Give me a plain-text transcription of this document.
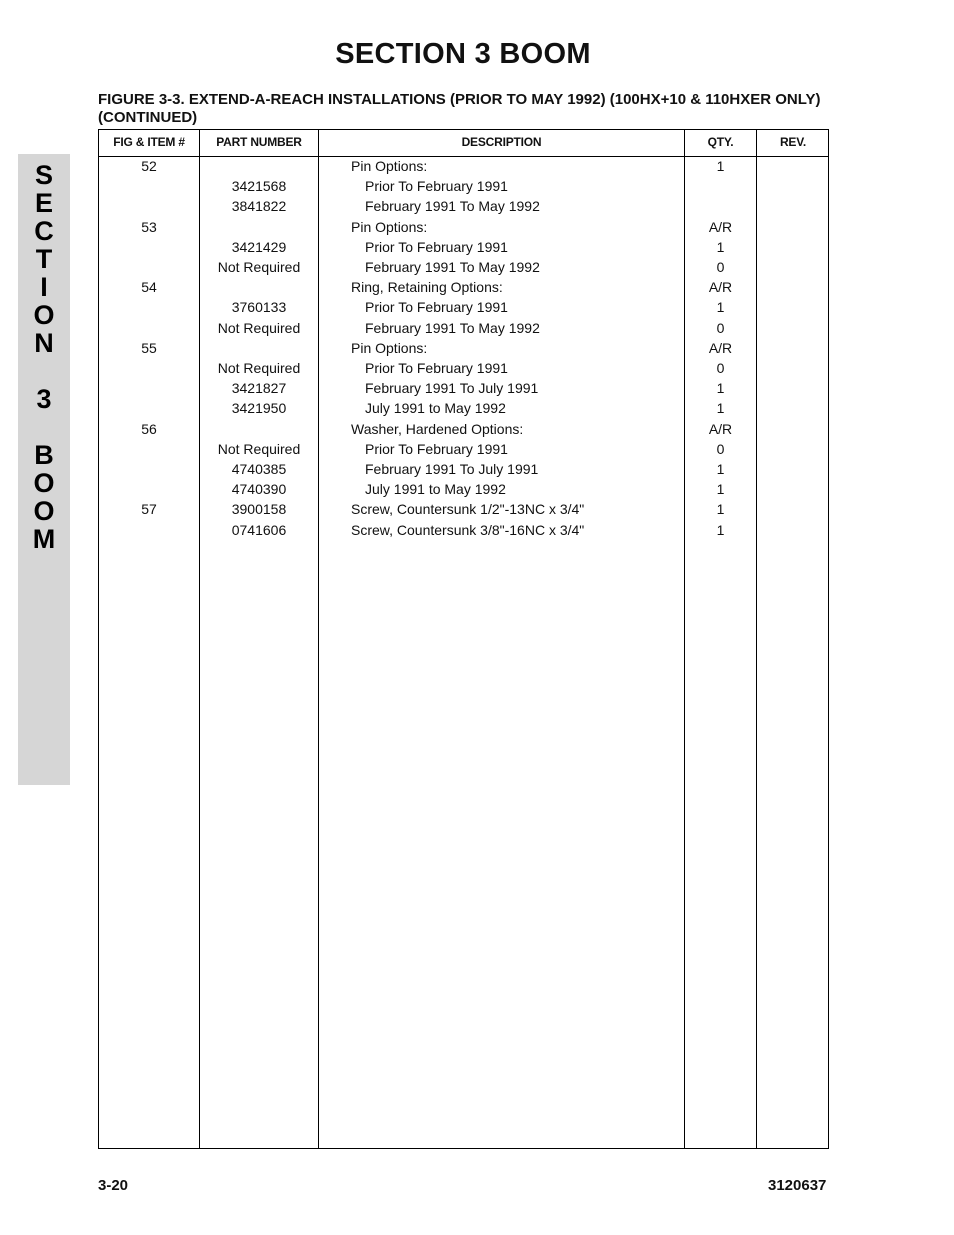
SECTION 3 BOOM
FIGURE 3-3. EXTEND-A-REACH INSTALLATIONS (PRIOR TO MAY 1992) (100HX+10 & 110HXER ONLY) (CONTINUED)
S
E
C
T
I
O
N
3
B
O
O
M
FIG & ITEM #	PART NUMBER	DESCRIPTION	QTY.	REV.
52	Pin Options:	1
3421568	Prior To February 1991
3841822	February 1991 To May 1992
53	Pin Options:	A/R
3421429	Prior To February 1991	1
Not Required	February 1991 To May 1992	0
54	Ring, Retaining Options:	A/R
3760133	Prior To February 1991	1
Not Required	February 1991 To May 1992	0
55	Pin Options:	A/R
Not Required	Prior To February 1991	0
3421827	February 1991 To July 1991	1
3421950	July 1991 to May 1992	1
56	Washer, Hardened Options:	A/R
Not Required	Prior To February 1991	0
4740385	February 1991 To July 1991	1
4740390	July 1991 to May 1992	1
57	3900158	Screw, Countersunk 1/2"-13NC x 3/4"	1
0741606	Screw, Countersunk 3/8"-16NC x 3/4"	1
3-20	3120637
